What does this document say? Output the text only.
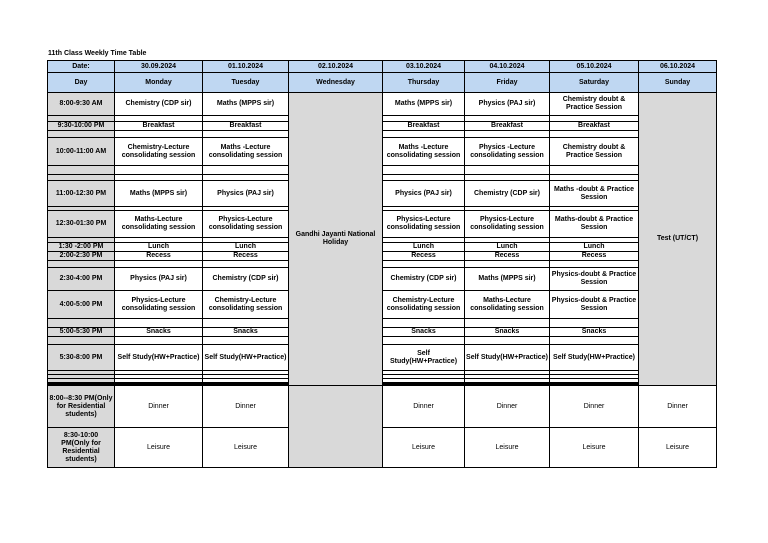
11th Class Weekly Time Table
Date:	30.09.2024	01.10.2024	02.10.2024	03.10.2024	04.10.2024	05.10.2024	06.10.2024
Day	Monday	Tuesday	Wednesday	Thursday	Friday	Saturday	Sunday
8:00-9:30 AM	Chemistry (CDP sir)	Maths (MPPS sir)	Gandhi Jayanti National Holiday	Maths (MPPS sir)	Physics (PAJ sir)	Chemistry doubt & Practice Session	Test (UT/CT)

9:30-10:00 PM	Breakfast	Breakfast		Breakfast	Breakfast	Breakfast	

10:00-11:00 AM	Chemistry-Lecture consolidating session	Maths -Lecture consolidating session		Maths -Lecture consolidating session	Physics -Lecture consolidating session	Chemistry doubt & Practice Session	

11:00-12:30 PM	Maths (MPPS sir)	Physics (PAJ sir)		Physics (PAJ sir)	Chemistry (CDP sir)	Maths -doubt & Practice Session	

12:30-01:30 PM	Maths-Lecture consolidating session	Physics-Lecture consolidating session		Physics-Lecture consolidating session	Physics-Lecture consolidating session	Maths-doubt & Practice Session	

1:30 -2:00 PM	Lunch	Lunch		Lunch	Lunch	Lunch	
2:00-2:30 PM	Recess	Recess		Recess	Recess	Recess	

2:30-4:00 PM	Physics (PAJ sir)	Chemistry (CDP sir)		Chemistry (CDP sir)	Maths (MPPS sir)	Physics-doubt & Practice Session	
4:00-5:00 PM	Physics-Lecture consolidating session	Chemistry-Lecture consolidating session		Chemistry-Lecture consolidating session	Maths-Lecture consolidating session	Physics-doubt & Practice Session	

5:00-5:30 PM	Snacks	Snacks		Snacks	Snacks	Snacks	

5:30-8:00 PM	Self Study(HW+Practice)	Self Study(HW+Practice)		Self Study(HW+Practice)	Self Study(HW+Practice)	Self Study(HW+Practice)	

8:00--8:30 PM(Only for Residential students)	Dinner	Dinner		Dinner	Dinner	Dinner	Dinner
8:30-10:00 PM(Only for Residential students)	Leisure	Leisure		Leisure	Leisure	Leisure	Leisure
